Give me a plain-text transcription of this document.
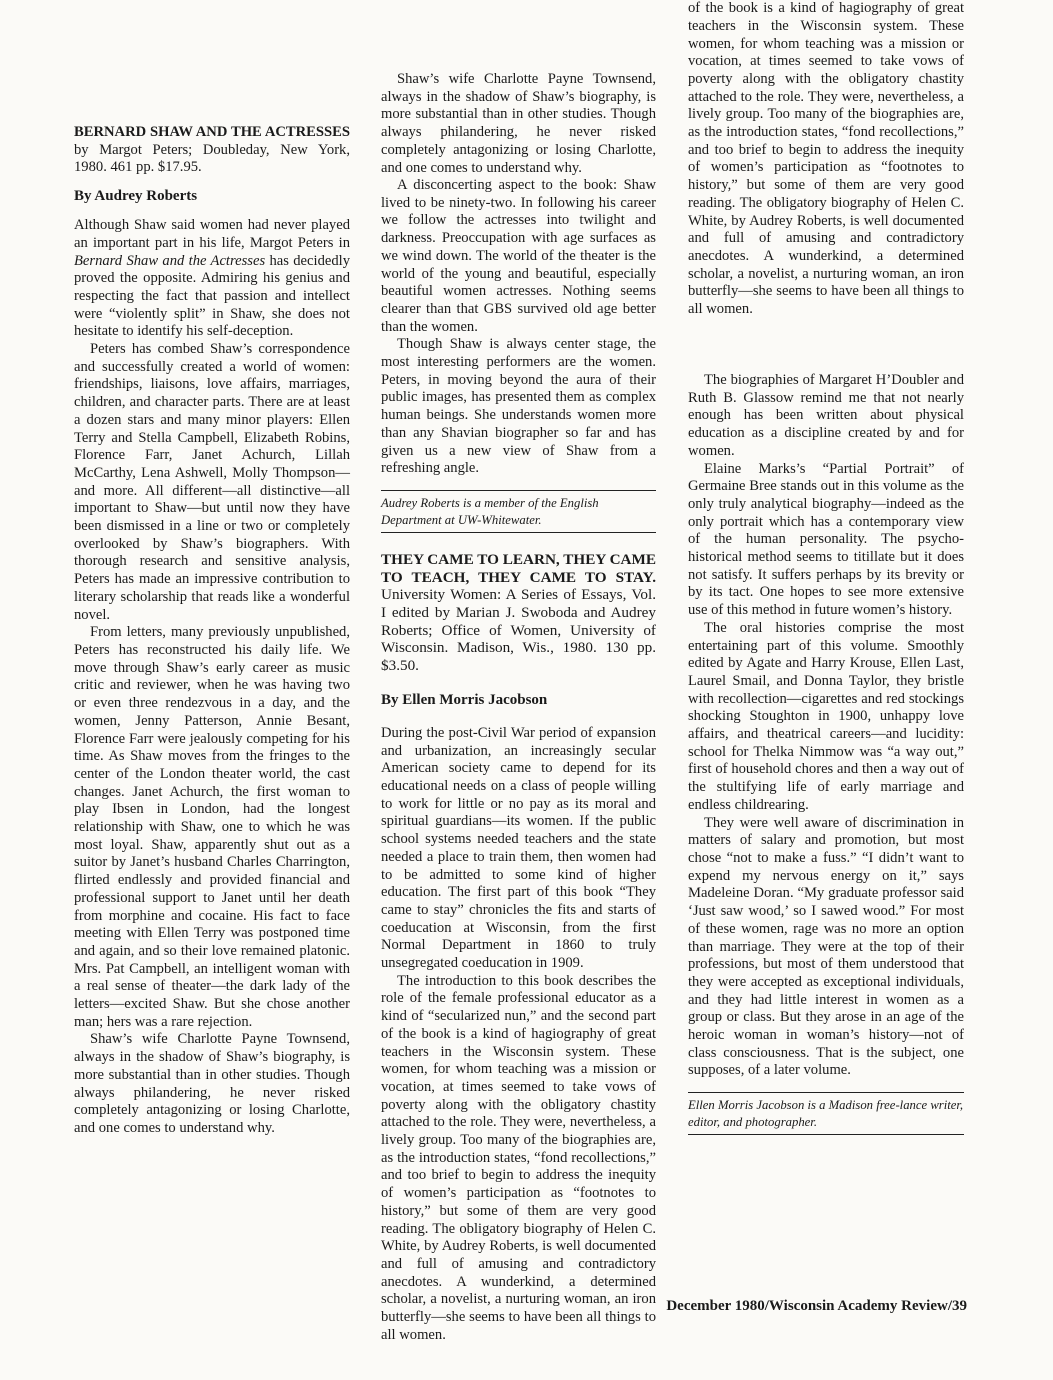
BERNARD SHAW AND THE ACTRESSES by Margot Peters; Doubleday, New York, 1980. 461 pp. $17.95.

By Audrey Roberts

Although Shaw said women had never played an important part in his life, Margot Peters in Bernard Shaw and the Actresses has decidedly proved the opposite. Admiring his genius and respecting the fact that passion and intellect were “violently split” in Shaw, she does not hesitate to identify his self-deception.

Peters has combed Shaw’s correspondence and successfully created a world of women: friendships, liaisons, love affairs, marriages, children, and character parts. There are at least a dozen stars and many minor players: Ellen Terry and Stella Campbell, Elizabeth Robins, Florence Farr, Janet Achurch, Lillah McCarthy, Lena Ashwell, Molly Thompson—and more. All different—all distinctive—all important to Shaw—but until now they have been dismissed in a line or two or completely overlooked by Shaw’s biographers. With thorough research and sensitive analysis, Peters has made an impressive contribution to literary scholarship that reads like a wonderful novel.

From letters, many previously unpublished, Peters has reconstructed his daily life. We move through Shaw’s early career as music critic and reviewer, when he was having two or even three rendezvous in a day, and the women, Jenny Patterson, Annie Besant, Florence Farr were jealously competing for his time. As Shaw moves from the fringes to the center of the London theater world, the cast changes. Janet Achurch, the first woman to play Ibsen in London, had the longest relationship with Shaw, one to which he was most loyal. Shaw, apparently shut out as a suitor by Janet’s husband Charles Charrington, flirted endlessly and provided financial and professional support to Janet until her death from morphine and cocaine. His fact to face meeting with Ellen Terry was postponed time and again, and so their love remained platonic. Mrs. Pat Campbell, an intelligent woman with a real sense of theater—the dark lady of the letters—excited Shaw. But she chose another man; hers was a rare rejection.

Shaw’s wife Charlotte Payne Townsend, always in the shadow of Shaw’s biography, is more substantial than in other studies. Though always philandering, he never risked completely antagonizing or losing Charlotte, and one comes to understand why.

Shaw’s wife Charlotte Payne Townsend, always in the shadow of Shaw’s biography, is more substantial than in other studies. Though always philandering, he never risked completely antagonizing or losing Charlotte, and one comes to understand why.

A disconcerting aspect to the book: Shaw lived to be ninety-two. In following his career we follow the actresses into twilight and darkness. Preoccupation with age surfaces as we wind down. The world of the theater is the world of the young and beautiful, especially beautiful women actresses. Nothing seems clearer than that GBS survived old age better than the women.

Though Shaw is always center stage, the most interesting performers are the women. Peters, in moving beyond the aura of their public images, has presented them as complex human beings. She understands women more than any Shavian biographer so far and has given us a new view of Shaw from a refreshing angle.

Audrey Roberts is a member of the English Department at UW-Whitewater.

THEY CAME TO LEARN, THEY CAME TO TEACH, THEY CAME TO STAY. University Women: A Series of Essays, Vol. I edited by Marian J. Swoboda and Audrey Roberts; Office of Women, University of Wisconsin. Madison, Wis., 1980. 130 pp. $3.50.

By Ellen Morris Jacobson

During the post-Civil War period of expansion and urbanization, an increasingly secular American society came to depend for its educational needs on a class of people willing to work for little or no pay as its moral and spiritual guardians—its women. If the public school systems needed teachers and the state needed a place to train them, then women had to be admitted to some kind of higher education. The first part of this book “They came to stay” chronicles the fits and starts of coeducation at Wisconsin, from the first Normal Department in 1860 to truly unsegregated coeducation in 1909.

The introduction to this book describes the role of the female professional educator as a kind of “secularized nun,” and the second part of the book is a kind of hagiography of great teachers in the Wisconsin system. These women, for whom teaching was a mission or vocation, at times seemed to take vows of poverty along with the obligatory chastity attached to the role. They were, nevertheless, a lively group. Too many of the biographies are, as the introduction states, “fond recollections,” and too brief to begin to address the inequity of women’s participation as “footnotes to history,” but some of them are very good reading. The obligatory biography of Helen C. White, by Audrey Roberts, is well documented and full of amusing and contradictory anecdotes. A wunderkind, a determined scholar, a novelist, a nurturing woman, an iron butterfly—she seems to have been all things to all women.

of the book is a kind of hagiography of great teachers in the Wisconsin system. These women, for whom teaching was a mission or vocation, at times seemed to take vows of poverty along with the obligatory chastity attached to the role. They were, nevertheless, a lively group. Too many of the biographies are, as the introduction states, “fond recollections,” and too brief to begin to address the inequity of women’s participation as “footnotes to history,” but some of them are very good reading. The obligatory biography of Helen C. White, by Audrey Roberts, is well documented and full of amusing and contradictory anecdotes. A wunderkind, a determined scholar, a novelist, a nurturing woman, an iron butterfly—she seems to have been all things to all women.

The biographies of Margaret H’Doubler and Ruth B. Glassow remind me that not nearly enough has been written about physical education as a discipline created by and for women.

Elaine Marks’s “Partial Portrait” of Germaine Bree stands out in this volume as the only truly analytical biography—indeed as the only portrait which has a contemporary view of the human personality. The psycho-historical method seems to titillate but it does not satisfy. It suffers perhaps by its brevity or by its tact. One hopes to see more extensive use of this method in future women’s history.

The oral histories comprise the most entertaining part of this volume. Smoothly edited by Agate and Harry Krouse, Ellen Last, Laurel Smail, and Donna Taylor, they bristle with recollection—cigarettes and red stockings shocking Stoughton in 1900, unhappy love affairs, and theatrical careers—and lucidity: school for Thelka Nimmow was “a way out,” first of household chores and then a way out of the stultifying life of early marriage and endless childrearing.

They were well aware of discrimination in matters of salary and promotion, but most chose “not to make a fuss.” “I didn’t want to expend my nervous energy on it,” says Madeleine Doran. “My graduate professor said ‘Just saw wood,’ so I sawed wood.” For most of these women, rage was no more an option than marriage. They were at the top of their professions, but most of them understood that they were accepted as exceptional individuals, and they had little interest in women as a group or class. But they arose in an age of the heroic woman in woman’s history—not of class consciousness. That is the subject, one supposes, of a later volume.

Ellen Morris Jacobson is a Madison free-lance writer, editor, and photographer.
December 1980/Wisconsin Academy Review/39
